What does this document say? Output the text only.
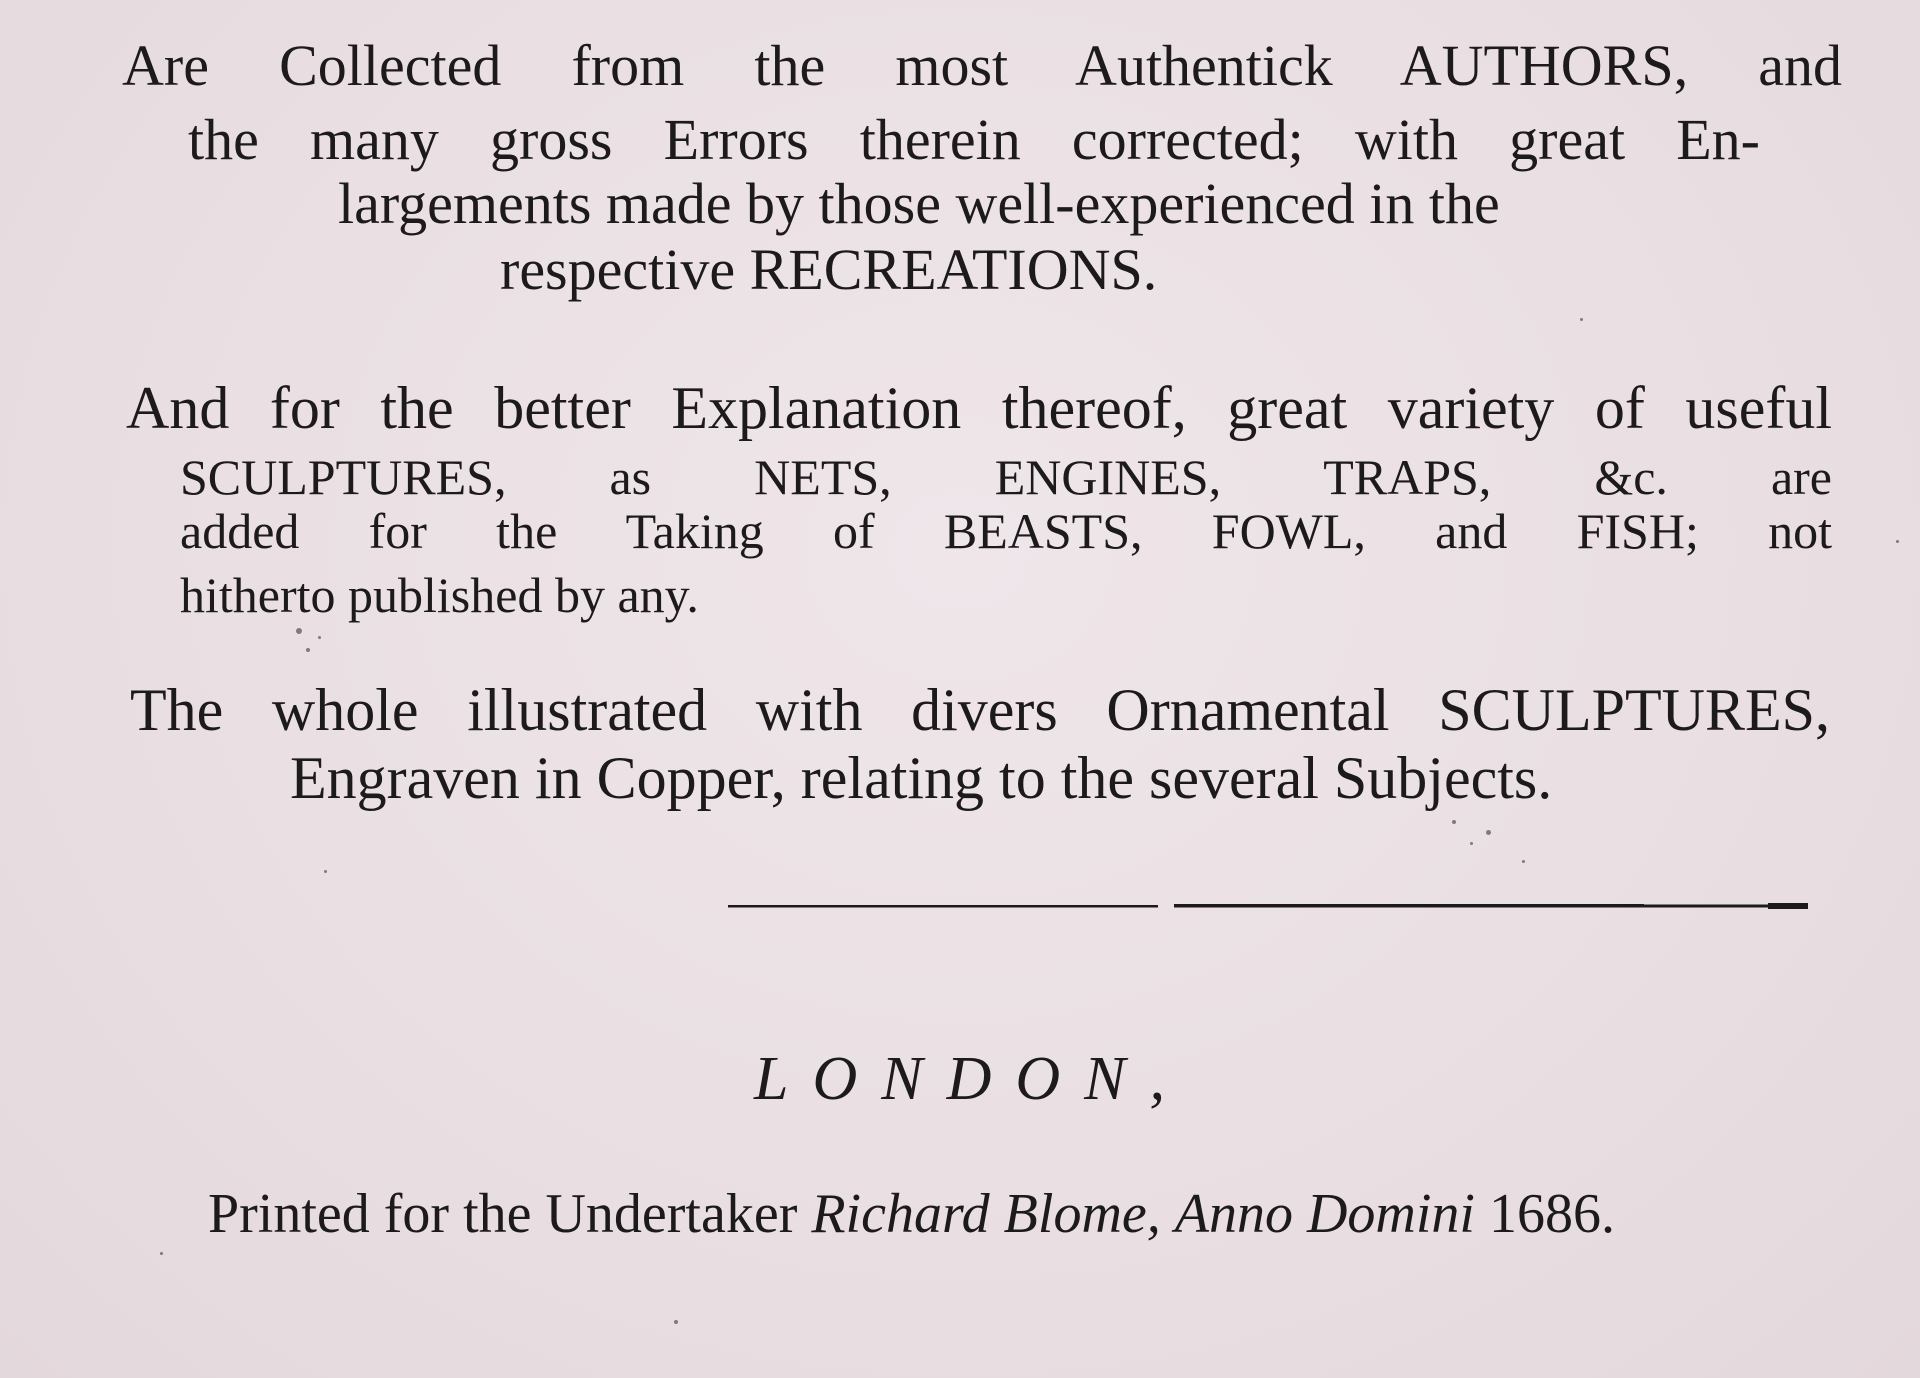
Are Collected from the most Authentick AUTHORS, and

the many gross Errors therein corrected; with great En-

largements made by those well-experienced in the

respective RECREATIONS.

And for the better Explanation thereof, great variety of useful

SCULPTURES, as NETS, ENGINES, TRAPS, &c. are

added for the Taking of BEASTS, FOWL, and FISH; not

hitherto published by any.

The whole illustrated with divers Ornamental SCULPTURES,

Engraven in Copper, relating to the several Subjects.

LONDON,
Printed for the Undertaker Richard Blome, Anno Domini 1686.
